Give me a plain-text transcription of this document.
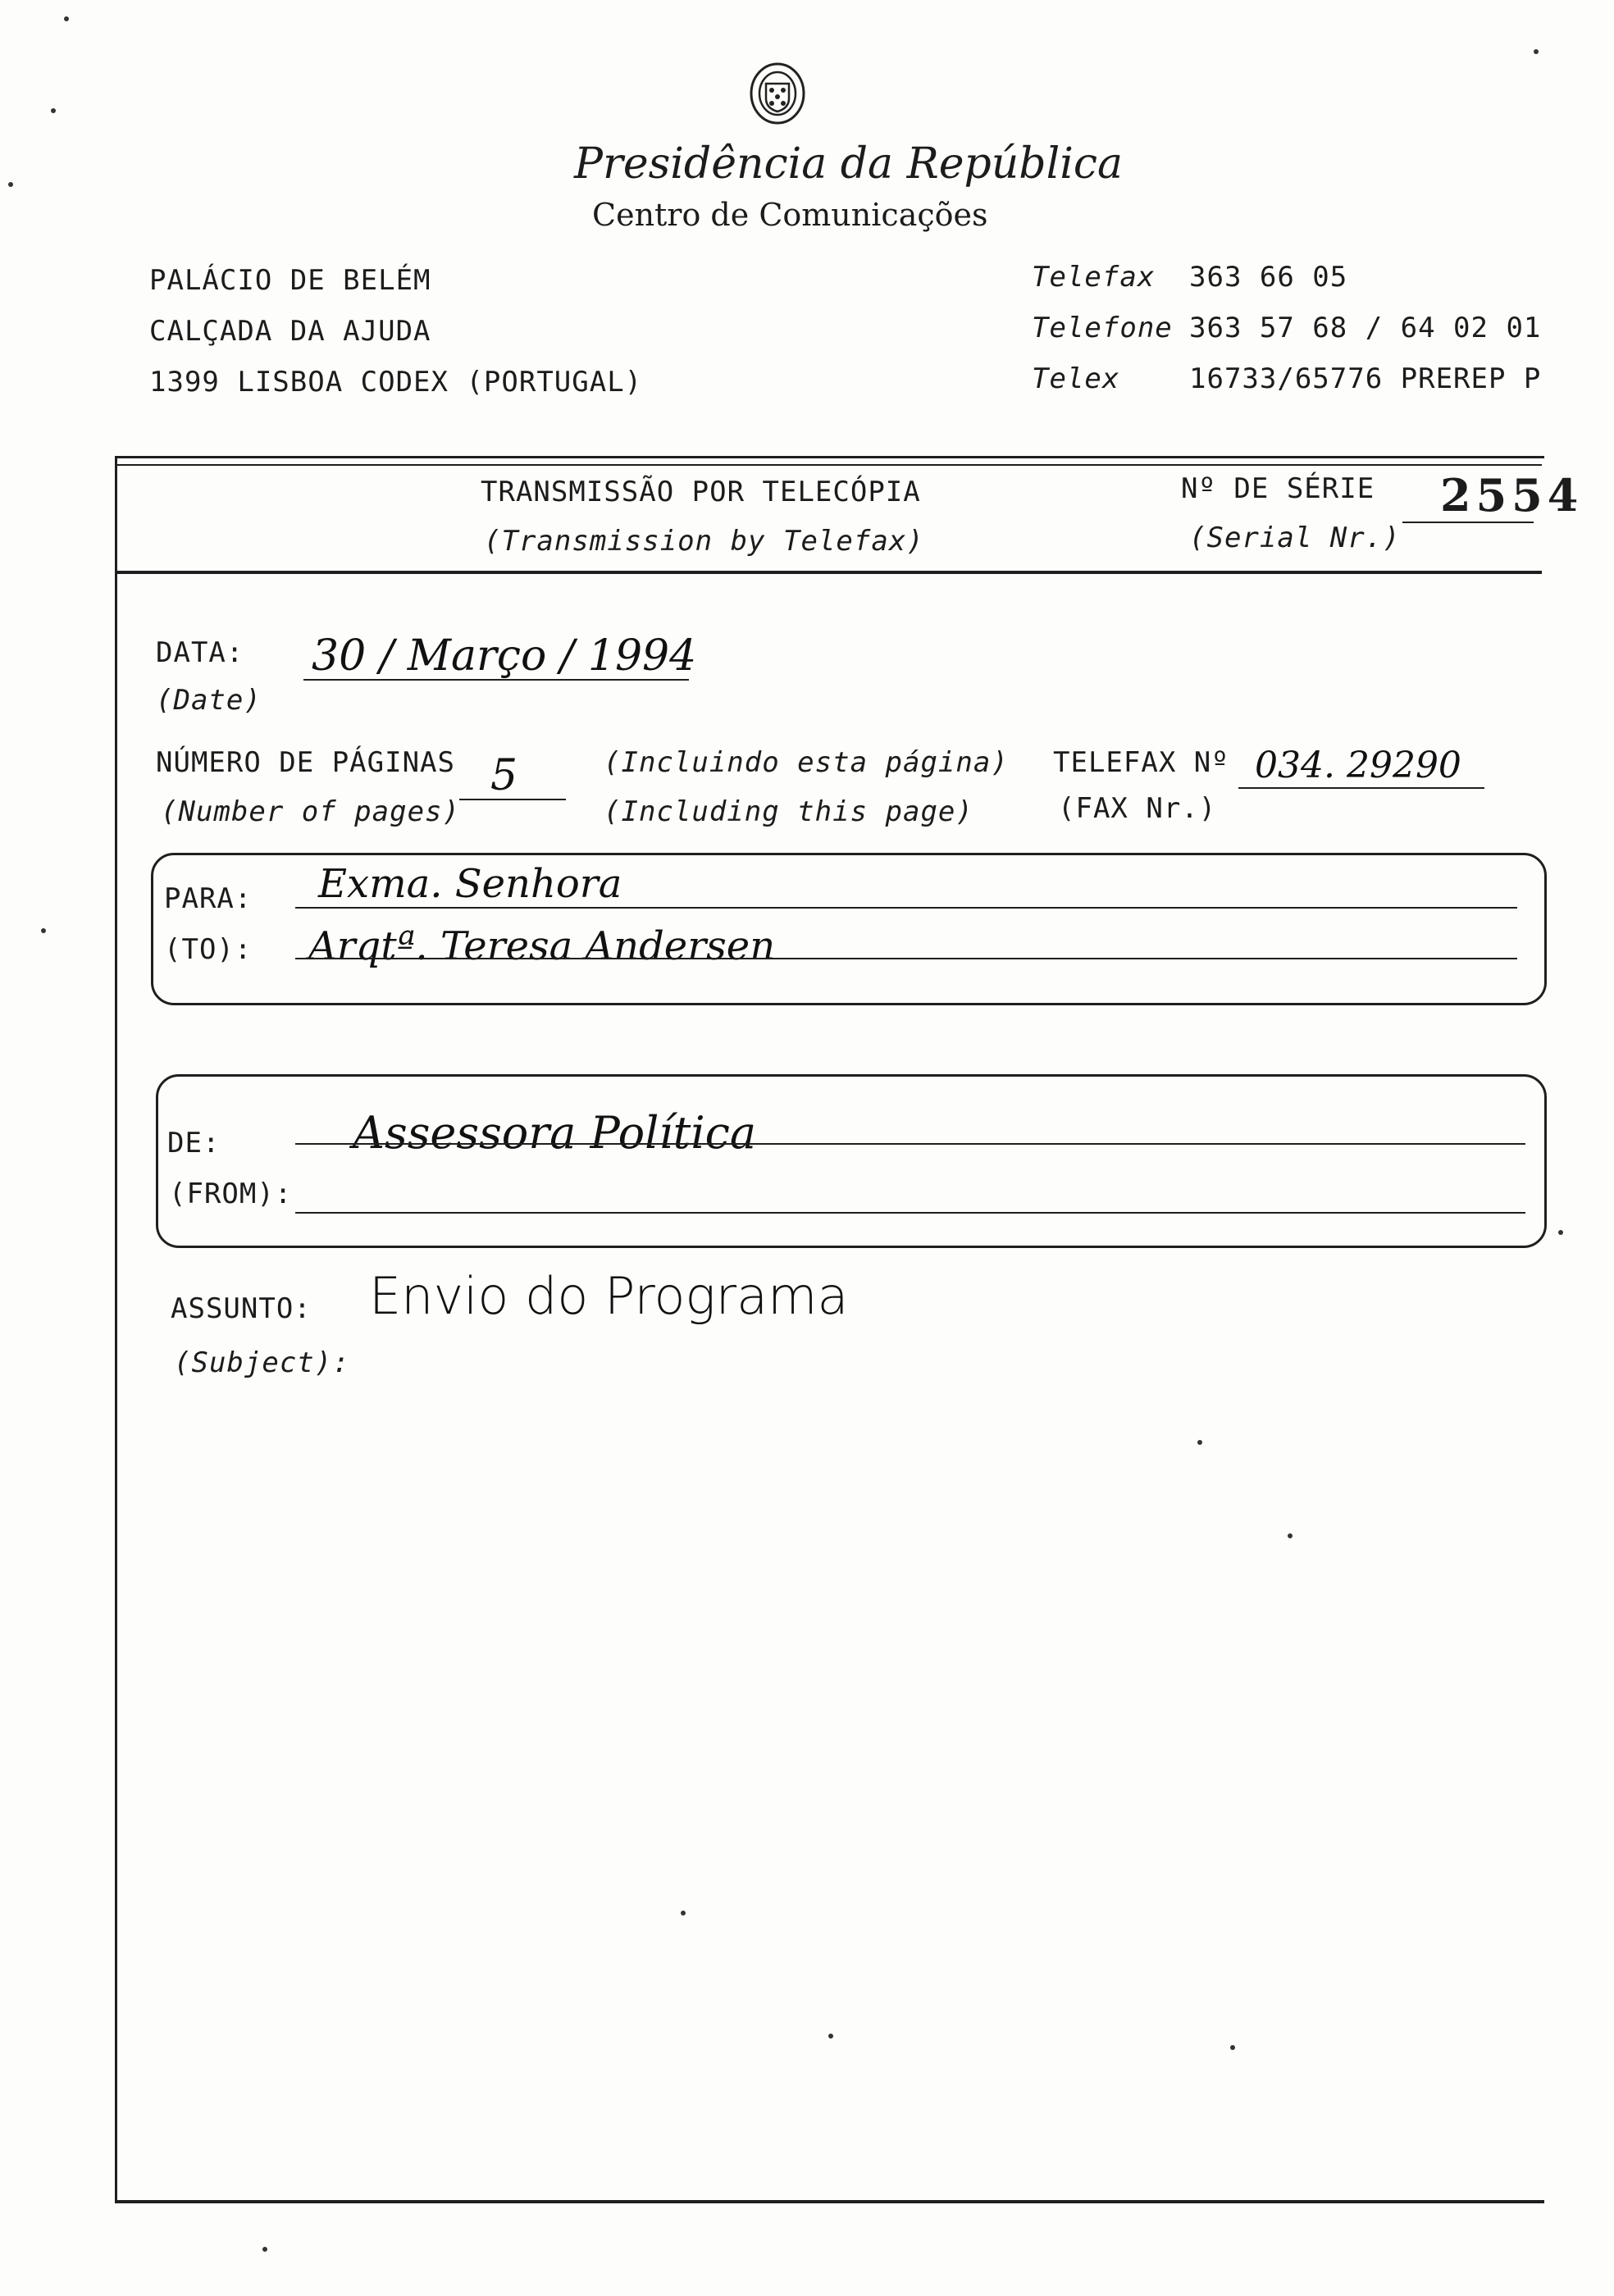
Presidência da República
Centro de Comunicações
PALÁCIO DE BELÉM
CALÇADA DA AJUDA
1399 LISBOA CODEX (PORTUGAL)
Telefax 363 66 05
Telefone 363 57 68 / 64 02 01
Telex 16733/65776 PREREP P
TRANSMISSÃO POR TELECÓPIA
(Transmission by Telefax)
Nº DE SÉRIE
(Serial Nr.)
2554
DATA:
(Date)
30 / Março / 1994
NÚMERO DE PÁGINAS
(Number of pages)
5	(Incluindo esta página)
(Including this page)
TELEFAX Nº
(FAX Nr.)
034. 29290
PARA:
(TO):
Exma. Senhora
Arqtª. Teresa Andersen
DE:
(FROM):
Assessora Política
ASSUNTO:
(Subject):
Envio do Programa
